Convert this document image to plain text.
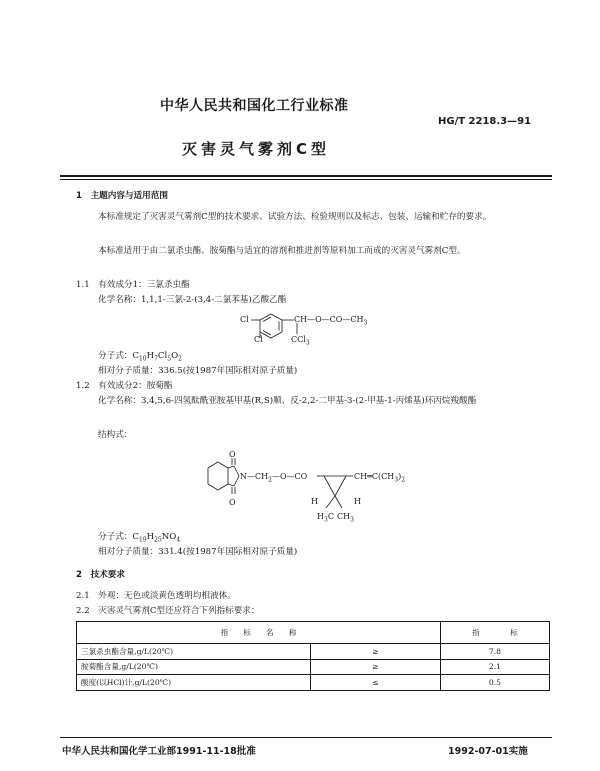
中华人民共和国化工行业标准
HG/T 2218.3—91
灭害灵气雾剂C型
1　主题内容与适用范围
本标准规定了灭害灵气雾剂C型的技术要求、试验方法、检验规则以及标志、包装、运输和贮存的要求。
本标准适用于由二氯杀虫酯、胺菊酯与适宜的溶剂和推进剂等原料加工而成的灭害灵气雾剂C型。
1.1　有效成分1：三氯杀虫酯
化学名称：1,1,1-三氯-2-(3,4-二氯苯基)乙酸乙酯
Cl	$CH—O—CO—CH_3$
CCl$_3$
Cl
分子式：$C_{10}H_7Cl_5O_2$
相对分子质量：336.5(按1987年国际相对原子质量)
1.2　有效成分2：胺菊酯
化学名称：3,4,5,6-四氢酞酰亚胺基甲基(R,S)顺、反-2,2-二甲基-3-(2-甲基-1-丙烯基)环丙烷羧酸酯
结构式：
O
$N—CH_2—O—CO$	$CH═C(CH_3)_2$
O	H	H
$H_3C$ $CH_3$
分子式：$C_{19}H_{25}NO_4$
相对分子质量：331.4(按1987年国际相对原子质量)
2　技术要求
2.1　外观：无色或淡黄色透明均相液体。
2.2　灭害灵气雾剂C型还应符合下列指标要求：
指　　标　　名　　称		指　　　　标
三氯杀虫酯含量,g/L(20℃)	≥	7.8
胺菊酯含量,g/L(20℃)	≥	2.1
酸度(以HCl)计,g/L(20℃)	≤	0.5
中华人民共和国化学工业部1991-11-18批准	1992-07-01实施
